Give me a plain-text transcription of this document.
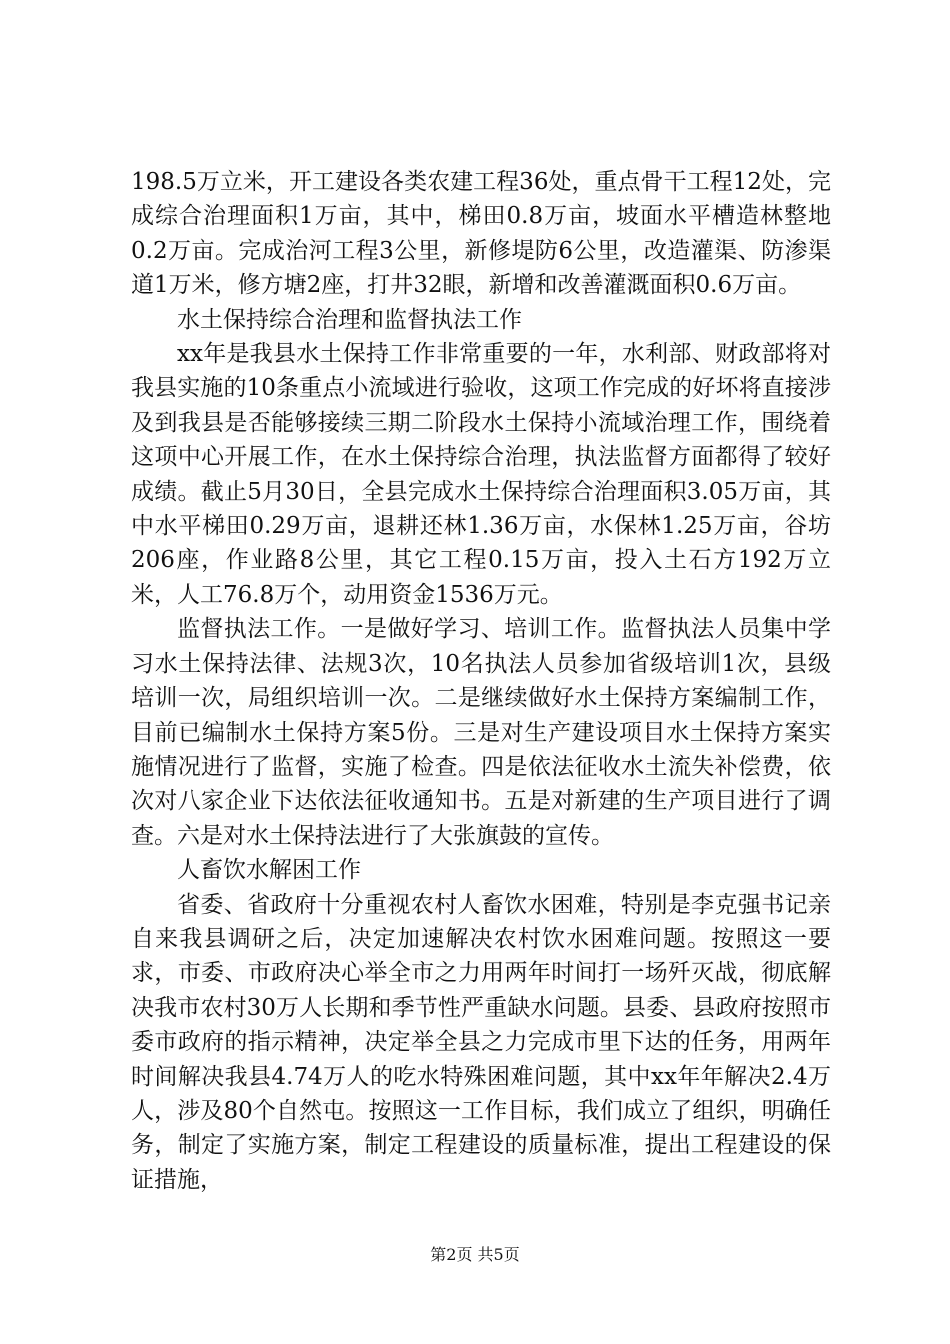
198.5万立米，开工建设各类农建工程36处，重点骨干工程12处，完成综合治理面积1万亩，其中，梯田0.8万亩，坡面水平槽造林整地0.2万亩。完成治河工程3公里，新修堤防6公里，改造灌渠、防渗渠道1万米，修方塘2座，打井32眼，新增和改善灌溉面积0.6万亩。

水土保持综合治理和监督执法工作

xx年是我县水土保持工作非常重要的一年，水利部、财政部将对我县实施的10条重点小流域进行验收，这项工作完成的好坏将直接涉及到我县是否能够接续三期二阶段水土保持小流域治理工作，围绕着这项中心开展工作，在水土保持综合治理，执法监督方面都得了较好成绩。截止5月30日，全县完成水土保持综合治理面积3.05万亩，其中水平梯田0.29万亩，退耕还林1.36万亩，水保林1.25万亩，谷坊206座，作业路8公里，其它工程0.15万亩，投入土石方192万立米，人工76.8万个，动用资金1536万元。

监督执法工作。一是做好学习、培训工作。监督执法人员集中学习水土保持法律、法规3次，10名执法人员参加省级培训1次，县级培训一次，局组织培训一次。二是继续做好水土保持方案编制工作，目前已编制水土保持方案5份。三是对生产建设项目水土保持方案实施情况进行了监督，实施了检查。四是依法征收水土流失补偿费，依次对八家企业下达依法征收通知书。五是对新建的生产项目进行了调查。六是对水土保持法进行了大张旗鼓的宣传。

人畜饮水解困工作

省委、省政府十分重视农村人畜饮水困难，特别是李克强书记亲自来我县调研之后，决定加速解决农村饮水困难问题。按照这一要求，市委、市政府决心举全市之力用两年时间打一场歼灭战，彻底解决我市农村30万人长期和季节性严重缺水问题。县委、县政府按照市委市政府的指示精神，决定举全县之力完成市里下达的任务，用两年时间解决我县4.74万人的吃水特殊困难问题，其中xx年年解决2.4万人，涉及80个自然屯。按照这一工作目标，我们成立了组织，明确任务，制定了实施方案，制定工程建设的质量标准，提出工程建设的保证措施，

第2页 共5页
